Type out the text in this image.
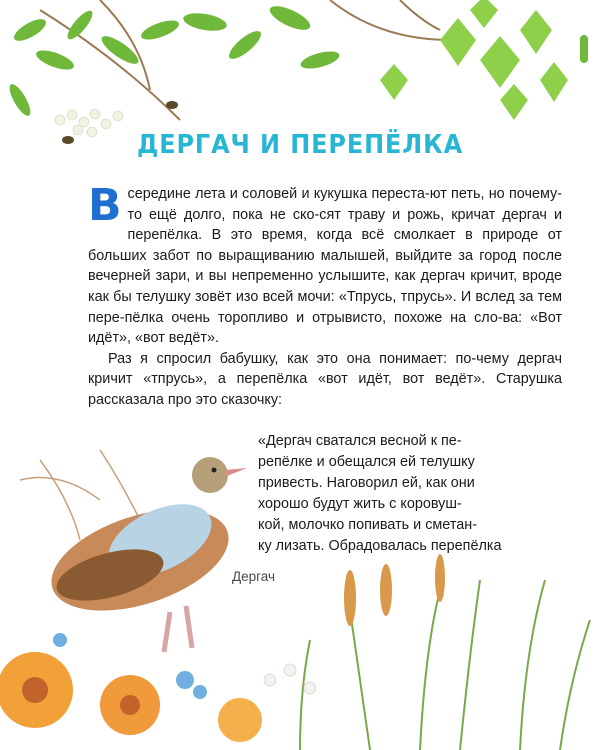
ДЕРГАЧ И ПЕРЕПЁЛКА

Всередине лета и соловей и кукушка переста-ют петь, но почему-то ещё долго, пока не ско-сят траву и рожь, кричат дергач и перепёлка. В это время, когда всё смолкает в природе от больших забот по выращиванию малышей, выйдите за город после вечерней зари, и вы непременно услышите, как дергач кричит, вроде как бы телушку зовёт изо всей мочи: «Тпрусь, тпрусь». И вслед за тем пере-пёлка очень торопливо и отрывисто, похоже на сло-ва: «Вот идёт», «вот ведёт».

Раз я спросил бабушку, как это она понимает: по-чему дергач кричит «тпрусь», а перепёлка «вот идёт, вот ведёт». Старушка рассказала про это сказочку:

«Дергач сватался весной к пе-
репёлке и обещался ей телушку
привесть. Наговорил ей, как они
хорошо будут жить с коровуш-
кой, молочко попивать и сметан-
ку лизать. Обрадовалась перепёлка
Дергач
